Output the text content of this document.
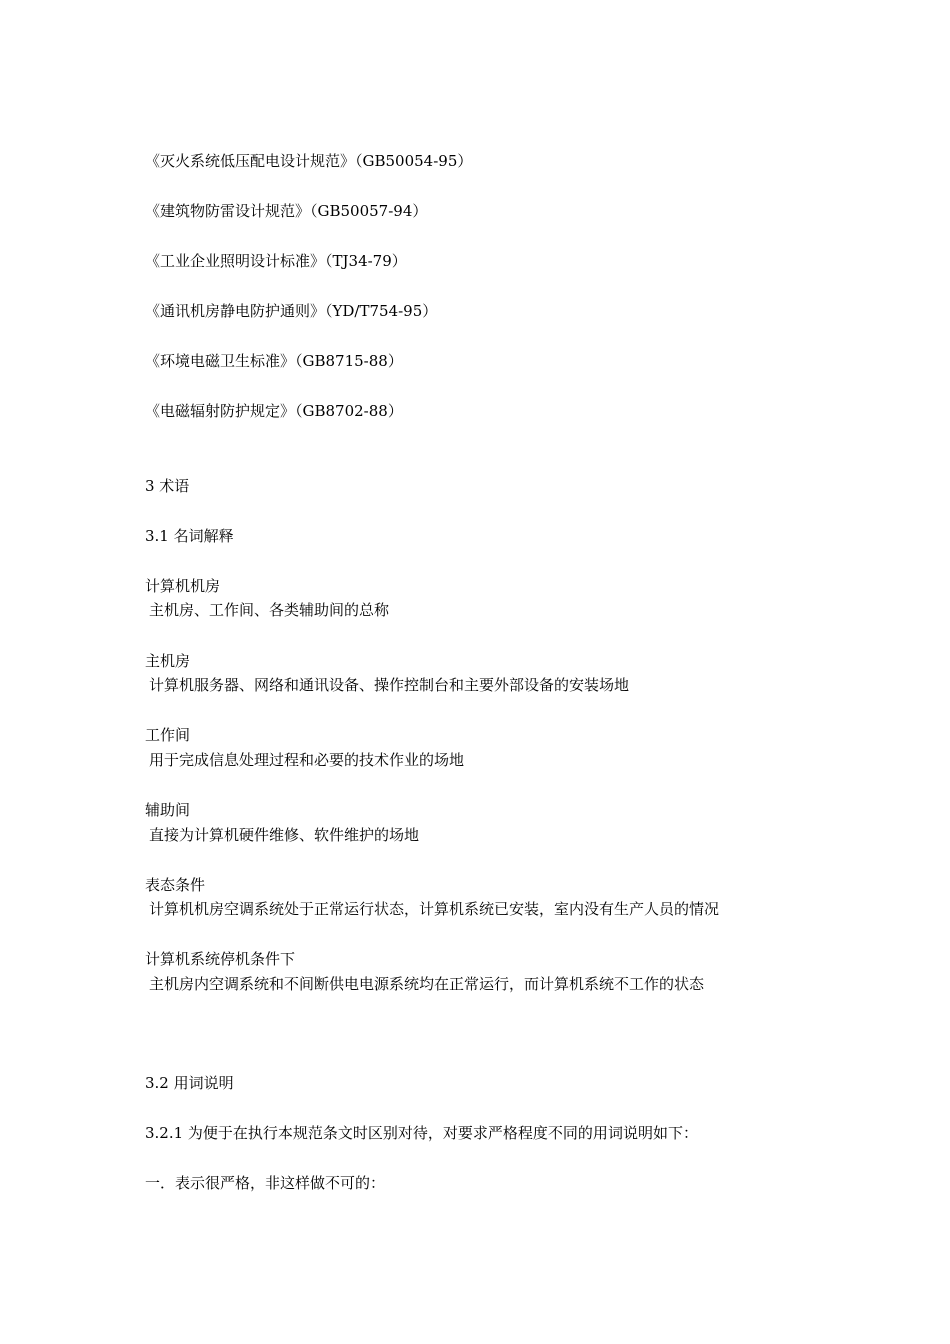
《灭火系统低压配电设计规范》（GB50054-95）
《建筑物防雷设计规范》（GB50057-94）
《工业企业照明设计标准》（TJ34-79）
《通讯机房静电防护通则》（YD/T754-95）
《环境电磁卫生标准》（GB8715-88）
《电磁辐射防护规定》（GB8702-88）
3 术语
3.1 名词解释
计算机机房
主机房、工作间、各类辅助间的总称
主机房
计算机服务器、网络和通讯设备、操作控制台和主要外部设备的安装场地
工作间
用于完成信息处理过程和必要的技术作业的场地
辅助间
直接为计算机硬件维修、软件维护的场地
表态条件
计算机机房空调系统处于正常运行状态，计算机系统已安装，室内没有生产人员的情况
计算机系统停机条件下
主机房内空调系统和不间断供电电源系统均在正常运行，而计算机系统不工作的状态
3.2 用词说明
3.2.1 为便于在执行本规范条文时区别对待，对要求严格程度不同的用词说明如下：
一．表示很严格，非这样做不可的：
